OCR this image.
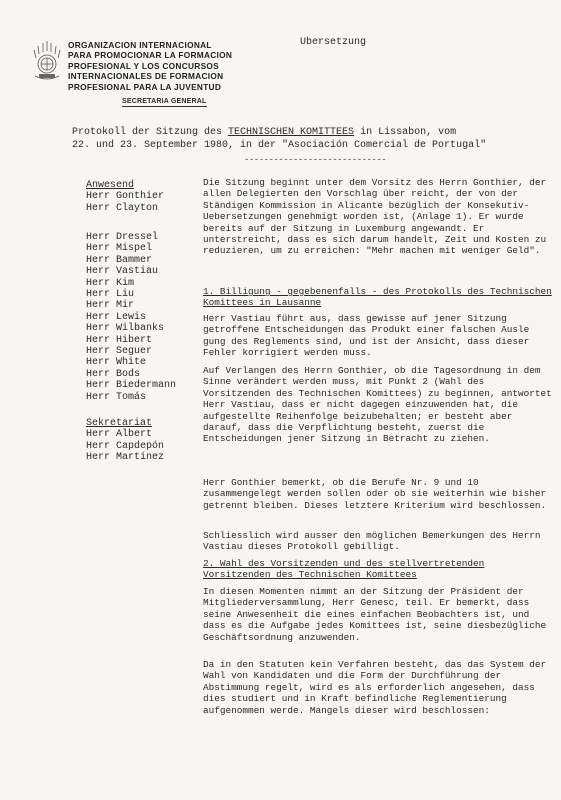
ORGANIZACION INTERNACIONAL
PARA PROMOCIONAR LA FORMACION
PROFESIONAL Y LOS CONCURSOS
INTERNACIONALES DE FORMACION
PROFESIONAL PARA LA JUVENTUD
SECRETARIA GENERAL
Ubersetzung
Protokoll der Sitzung des TECHNISCHEN KOMITTEES in Lissabon, vom
22. und 23. September 1980, in der "Asociación Comercial de Portugal"
-----------------------------
Anwesend
Herr Gonthier
Herr Clayton
Herr Dressel
Herr Mispel
Herr Bammer
Herr Vastiau
Herr Kim
Herr Liu
Herr Mir
Herr Lewis
Herr Wilbanks
Herr Hibert
Herr Seguer
Herr White
Herr Bods
Herr Biedermann
Herr Tomás
Sekretariat
Herr Albert
Herr Capdepón
Herr Martínez

Die Sitzung beginnt unter dem Vorsitz des Herrn Gonthier, der allen Delegierten den Vorschlag über reicht, der von der Ständigen Kommission in Alicante bezüglich der Konsekutiv-Uebersetzungen genehmigt worden ist, (Anlage 1). Er wurde bereits auf der Sitzung in Luxemburg angewandt. Er unterstreicht, dass es sich darum handelt, Zeit und Kosten zu reduzieren, um zu erreichen: "Mehr machen mit weniger Geld".

1. Billigung - gegebenenfalls - des Protokolls des Technischen Komittees in Lausanne
Herr Vastiau führt aus, dass gewisse auf jener Sitzung getroffene Entscheidungen das Produkt einer falschen Ausle gung des Reglements sind, und ist der Ansicht, dass dieser Fehler korrigiert werden muss.
Auf Verlangen des Herrn Gonthier, ob die Tagesordnung in dem Sinne verändert werden muss, mit Punkt 2 (Wahl des Vorsitzenden des Technischen Komittees) zu beginnen, antwortet Herr Vastiau, dass er nicht dagegen einzuwenden hat, die aufgestellte Reihenfolge beizubehalten; er besteht aber darauf, dass die Verpflichtung besteht, zuerst die Entscheidungen jener Sitzung in Betracht zu ziehen.
Herr Gonthier bemerkt, ob die Berufe Nr. 9 und 10 zusammengelegt werden sollen oder ob sie weiterhin wie bisher getrennt bleiben. Dieses letztere Kriterium wird beschlossen.
Schliesslich wird ausser den möglichen Bemerkungen des Herrn Vastiau dieses Protokoll gebilligt.
2. Wahl des Vorsitzenden und des stellvertretenden Vorsitzenden des Technischen Komittees
In diesen Momenten nimmt an der Sitzung der Präsident der Mitgliederversammlung, Herr Genesc, teil. Er bemerkt, dass seine Anwesenheit die eines einfachen Beobachters ist, und dass es die Aufgabe jedes Komittees ist, seine diesbezügliche Geschäftsordnung anzuwenden.
Da in den Statuten kein Verfahren besteht, das das System der Wahl von Kandidaten und die Form der Durchführung der Abstimmung regelt, wird es als erforderlich angesehen, dass dies studiert und in Kraft befindliche Reglementierung aufgenommen werde. Mangels dieser wird beschlossen:
